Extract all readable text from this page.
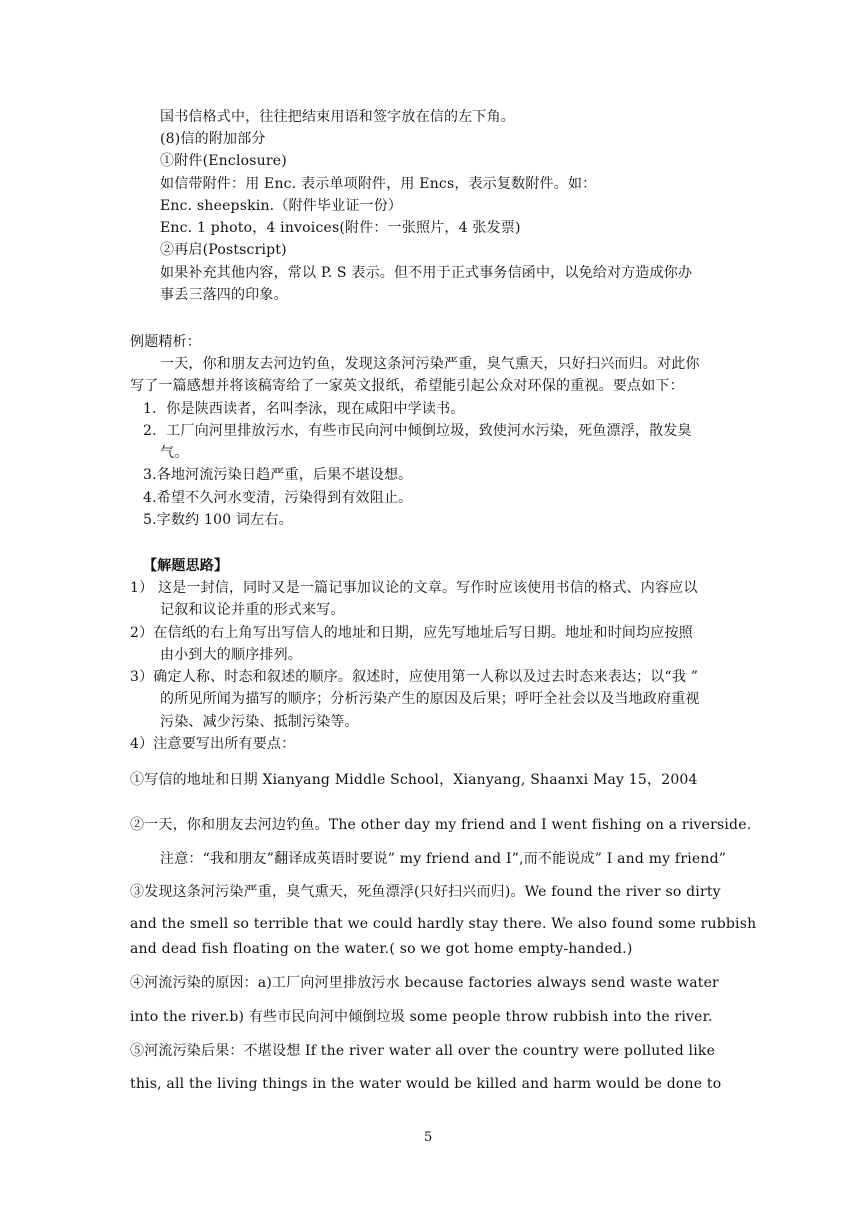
国书信格式中，往往把结束用语和签字放在信的左下角。
(8)信的附加部分
①附件(Enclosure)
如信带附件：用 Enc. 表示单项附件，用 Encs，表示复数附件。如：
Enc. sheepskin.（附件毕业证一份）
Enc. 1 photo，4 invoices(附件：一张照片，4 张发票)
②再启(Postscript)
如果补充其他内容，常以 P. S 表示。但不用于正式事务信函中，以免给对方造成你办
事丢三落四的印象。
例题精析：
一天，你和朋友去河边钓鱼，发现这条河污染严重，臭气熏天，只好扫兴而归。对此你
写了一篇感想并将该稿寄给了一家英文报纸，希望能引起公众对环保的重视。要点如下：
1．你是陕西读者，名叫李泳，现在咸阳中学读书。
2．工厂向河里排放污水，有些市民向河中倾倒垃圾，致使河水污染，死鱼漂浮，散发臭
气。
3.各地河流污染日趋严重，后果不堪设想。
4.希望不久河水变清，污染得到有效阻止。
5.字数约 100 词左右。
【解题思路】
1） 这是一封信，同时又是一篇记事加议论的文章。写作时应该使用书信的格式、内容应以
记叙和议论并重的形式来写。
2）在信纸的右上角写出写信人的地址和日期，应先写地址后写日期。地址和时间均应按照
由小到大的顺序排列。
3）确定人称、时态和叙述的顺序。叙述时，应使用第一人称以及过去时态来表达；以“我 ”
的所见所闻为描写的顺序；分析污染产生的原因及后果；呼吁全社会以及当地政府重视
污染、减少污染、抵制污染等。
4）注意要写出所有要点：
①写信的地址和日期 Xianyang Middle School，Xianyang, Shaanxi May 15，2004
②一天，你和朋友去河边钓鱼。The other day my friend and I went fishing on a riverside.
注意：“我和朋友”翻译成英语时要说” my friend and I”,而不能说成” I and my friend”
③发现这条河污染严重，臭气熏天，死鱼漂浮(只好扫兴而归)。We found the river so dirty
and the smell so terrible that we could hardly stay there. We also found some rubbish
and dead fish floating on the water.( so we got home empty-handed.)
④河流污染的原因：a)工厂向河里排放污水 because factories always send waste water
into the river.b) 有些市民向河中倾倒垃圾 some people throw rubbish into the river.
⑤河流污染后果：不堪设想 If the river water all over the country were polluted like
this, all the living things in the water would be killed and harm would be done to
5
